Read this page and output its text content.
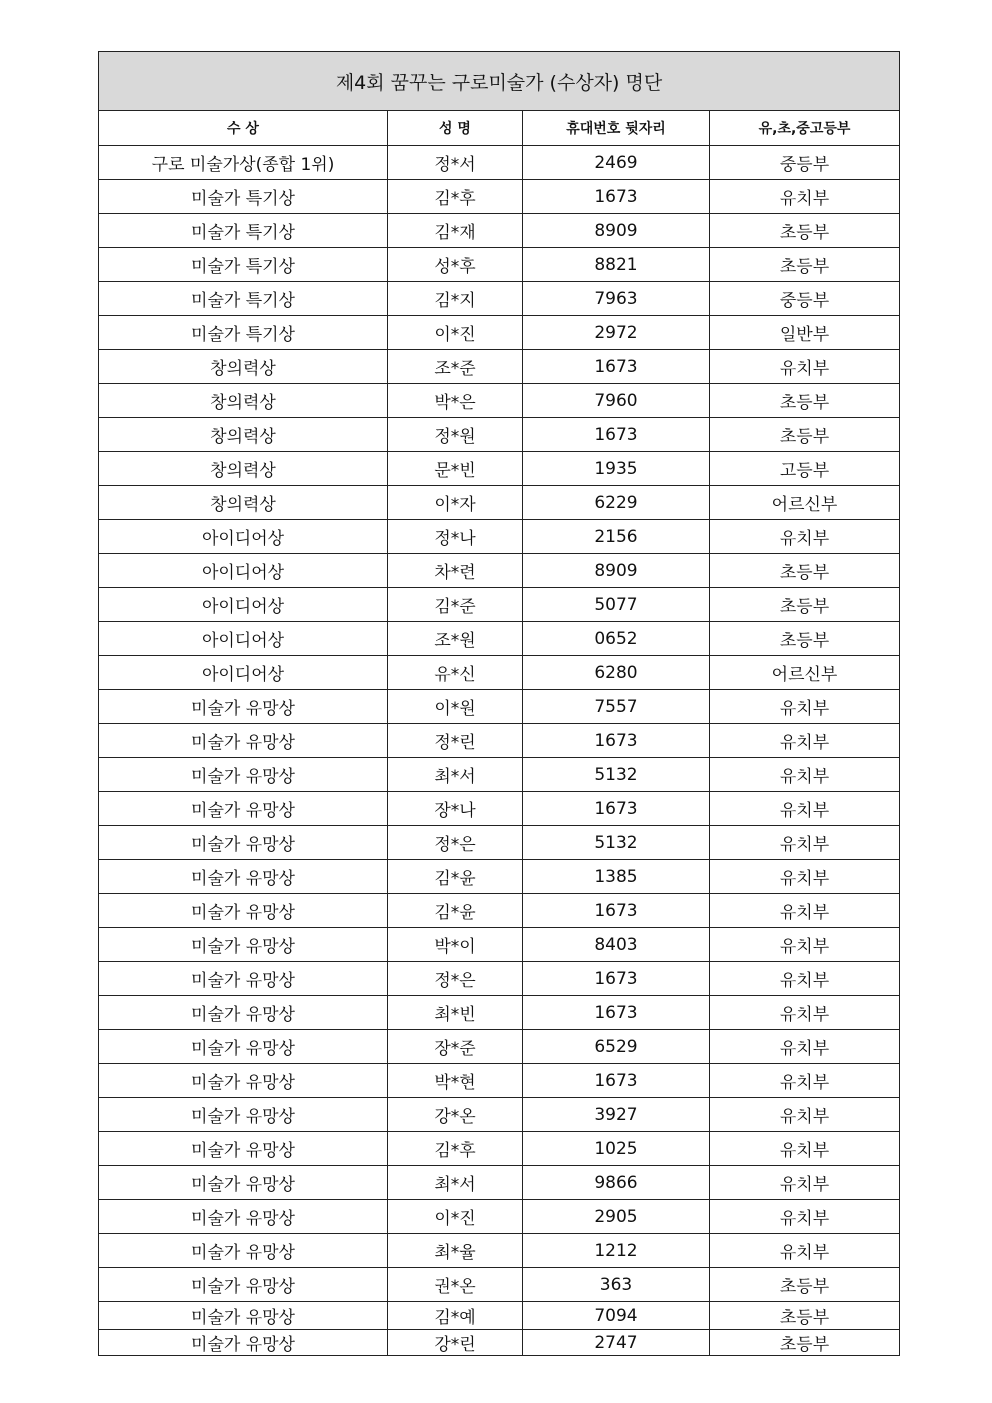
제4회 꿈꾸는 구로미술가 (수상자) 명단			
수 상	성 명	휴대번호 뒷자리	유,초,중고등부
구로 미술가상(종합 1위)	정*서	2469	중등부
미술가 특기상	김*후	1673	유치부
미술가 특기상	김*재	8909	초등부
미술가 특기상	성*후	8821	초등부
미술가 특기상	김*지	7963	중등부
미술가 특기상	이*진	2972	일반부
창의력상	조*준	1673	유치부
창의력상	박*은	7960	초등부
창의력상	정*원	1673	초등부
창의력상	문*빈	1935	고등부
창의력상	이*자	6229	어르신부
아이디어상	정*나	2156	유치부
아이디어상	차*련	8909	초등부
아이디어상	김*준	5077	초등부
아이디어상	조*원	0652	초등부
아이디어상	유*신	6280	어르신부
미술가 유망상	이*원	7557	유치부
미술가 유망상	정*린	1673	유치부
미술가 유망상	최*서	5132	유치부
미술가 유망상	장*나	1673	유치부
미술가 유망상	정*은	5132	유치부
미술가 유망상	김*윤	1385	유치부
미술가 유망상	김*윤	1673	유치부
미술가 유망상	박*이	8403	유치부
미술가 유망상	정*은	1673	유치부
미술가 유망상	최*빈	1673	유치부
미술가 유망상	장*준	6529	유치부
미술가 유망상	박*현	1673	유치부
미술가 유망상	강*온	3927	유치부
미술가 유망상	김*후	1025	유치부
미술가 유망상	최*서	9866	유치부
미술가 유망상	이*진	2905	유치부
미술가 유망상	최*율	1212	유치부
미술가 유망상	권*온	363	초등부
미술가 유망상	김*예	7094	초등부
미술가 유망상	강*린	2747	초등부
